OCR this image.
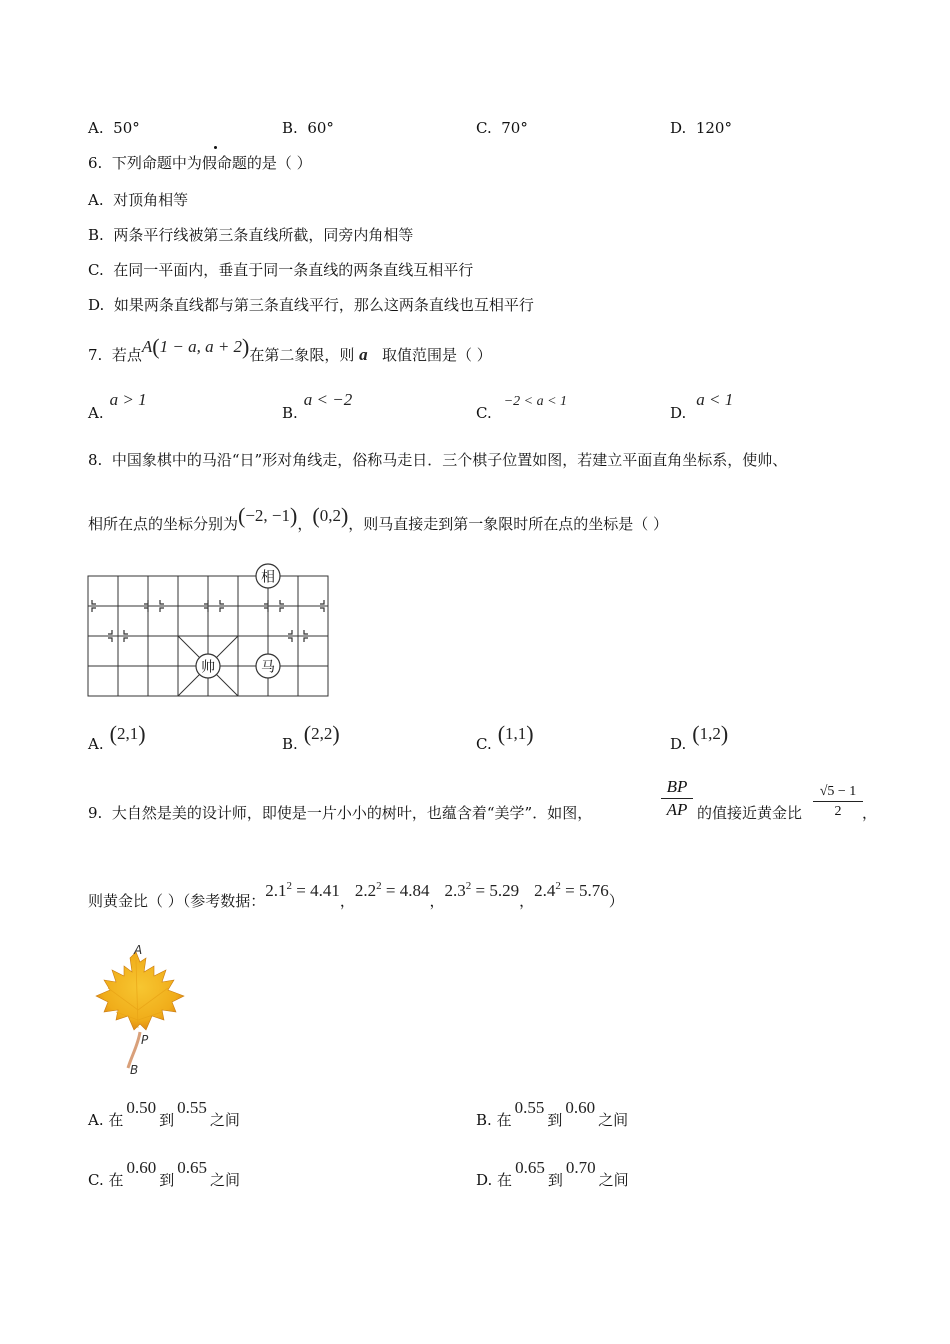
A. 50°	B. 60°	C. 70°	D. 120°
6. 下列命题中为假命题的是（ ）
A. 对顶角相等
B. 两条平行线被第三条直线所截，同旁内角相等
C. 在同一平面内，垂直于同一条直线的两条直线互相平行
D. 如果两条直线都与第三条直线平行，那么这两条直线也互相平行
7. 若点A(1 − a, a + 2)在第二象限，则 a 取值范围是（ ）
A.a > 1
B.a < −2
C.−2 < a < 1
D.a < 1
8. 中国象棋中的马沿“日”形对角线走，俗称马走日．三个棋子位置如图，若建立平面直角坐标系，使帅、
相所在点的坐标分别为(−2, −1)，(0,2)，则马直接走到第一象限时所在点的坐标是（ ）
相
帅	马
A. (2,1)	B. (2,2)	C. (1,1)	D. (1,2)
9. 大自然是美的设计师，即使是一片小小的树叶，也蕴含着“美学”．如图，
BP
AP 的值接近黄金比
√5 − 1
2	，
则黄金比（ ）（参考数据：$2.1^2 = 4.41$，$2.2^2 = 4.84$，$2.3^2 = 5.29$，$2.4^2 = 5.76$）
A
P
B
A. 在0.50到0.55之间	B. 在0.55到0.60之间
C. 在0.60到0.65之间	D. 在0.65到0.70之间
